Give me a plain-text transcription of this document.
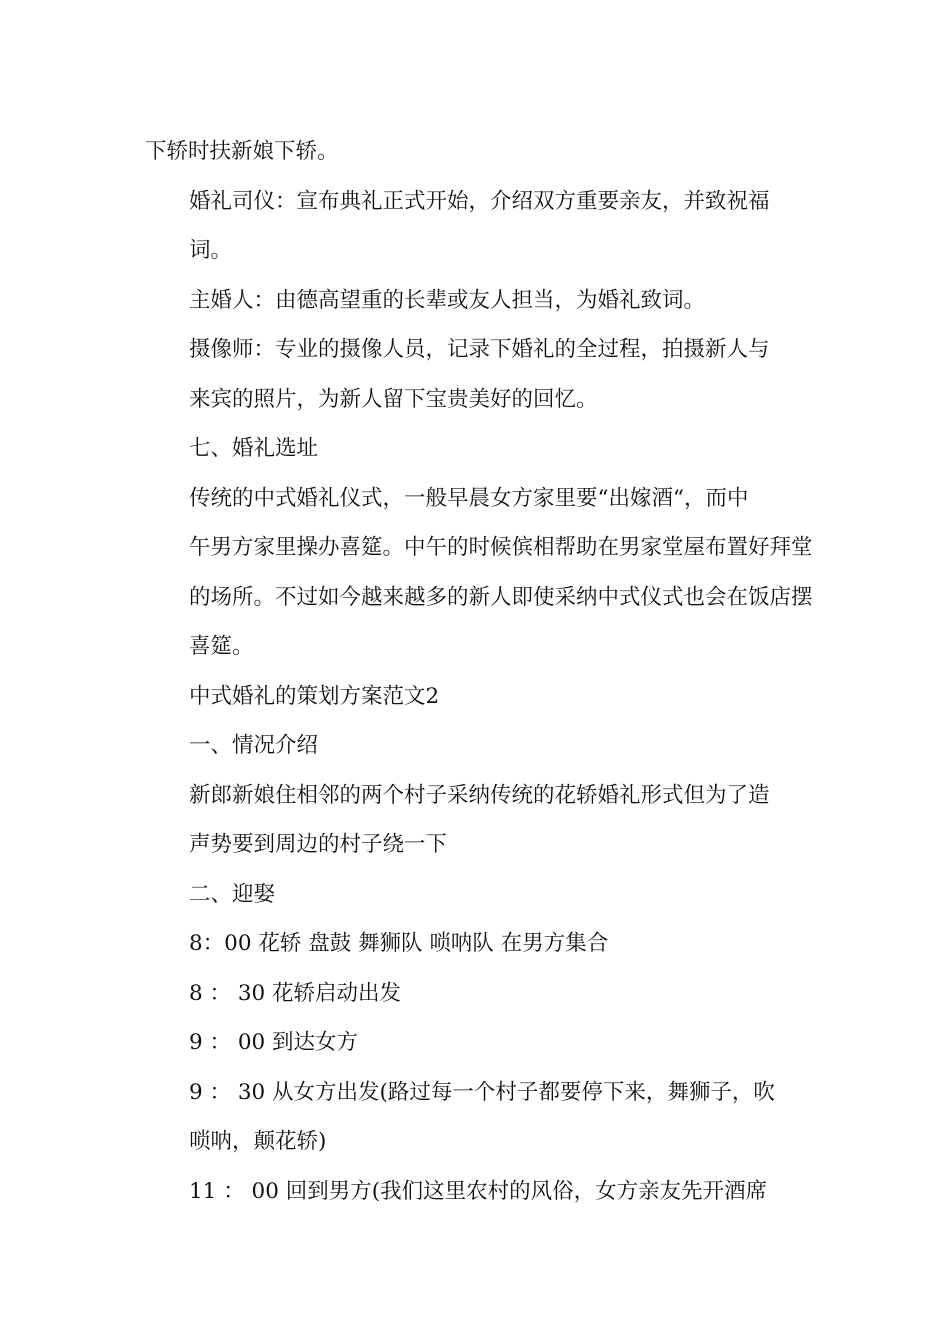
下轿时扶新娘下轿。

婚礼司仪：宣布典礼正式开始，介绍双方重要亲友，并致祝福
词。

主婚人：由德高望重的长辈或友人担当，为婚礼致词。

摄像师：专业的摄像人员，记录下婚礼的全过程，拍摄新人与
来宾的照片，为新人留下宝贵美好的回忆。

七、婚礼选址

传统的中式婚礼仪式，一般早晨女方家里要“出嫁酒“，而中
午男方家里操办喜筵。中午的时候傧相帮助在男家堂屋布置好拜堂
的场所。不过如今越来越多的新人即使采纳中式仪式也会在饭店摆
喜筵。

中式婚礼的策划方案范文2

一、情况介绍

新郎新娘住相邻的两个村子采纳传统的花轿婚礼形式但为了造
声势要到周边的村子绕一下

二、迎娶

8：00 花轿 盘鼓 舞狮队 唢呐队 在男方集合

8 ： 30 花轿启动出发

9 ： 00 到达女方

9 ： 30 从女方出发(路过每一个村子都要停下来，舞狮子，吹
唢呐，颠花轿)

11 ： 00 回到男方(我们这里农村的风俗，女方亲友先开酒席
